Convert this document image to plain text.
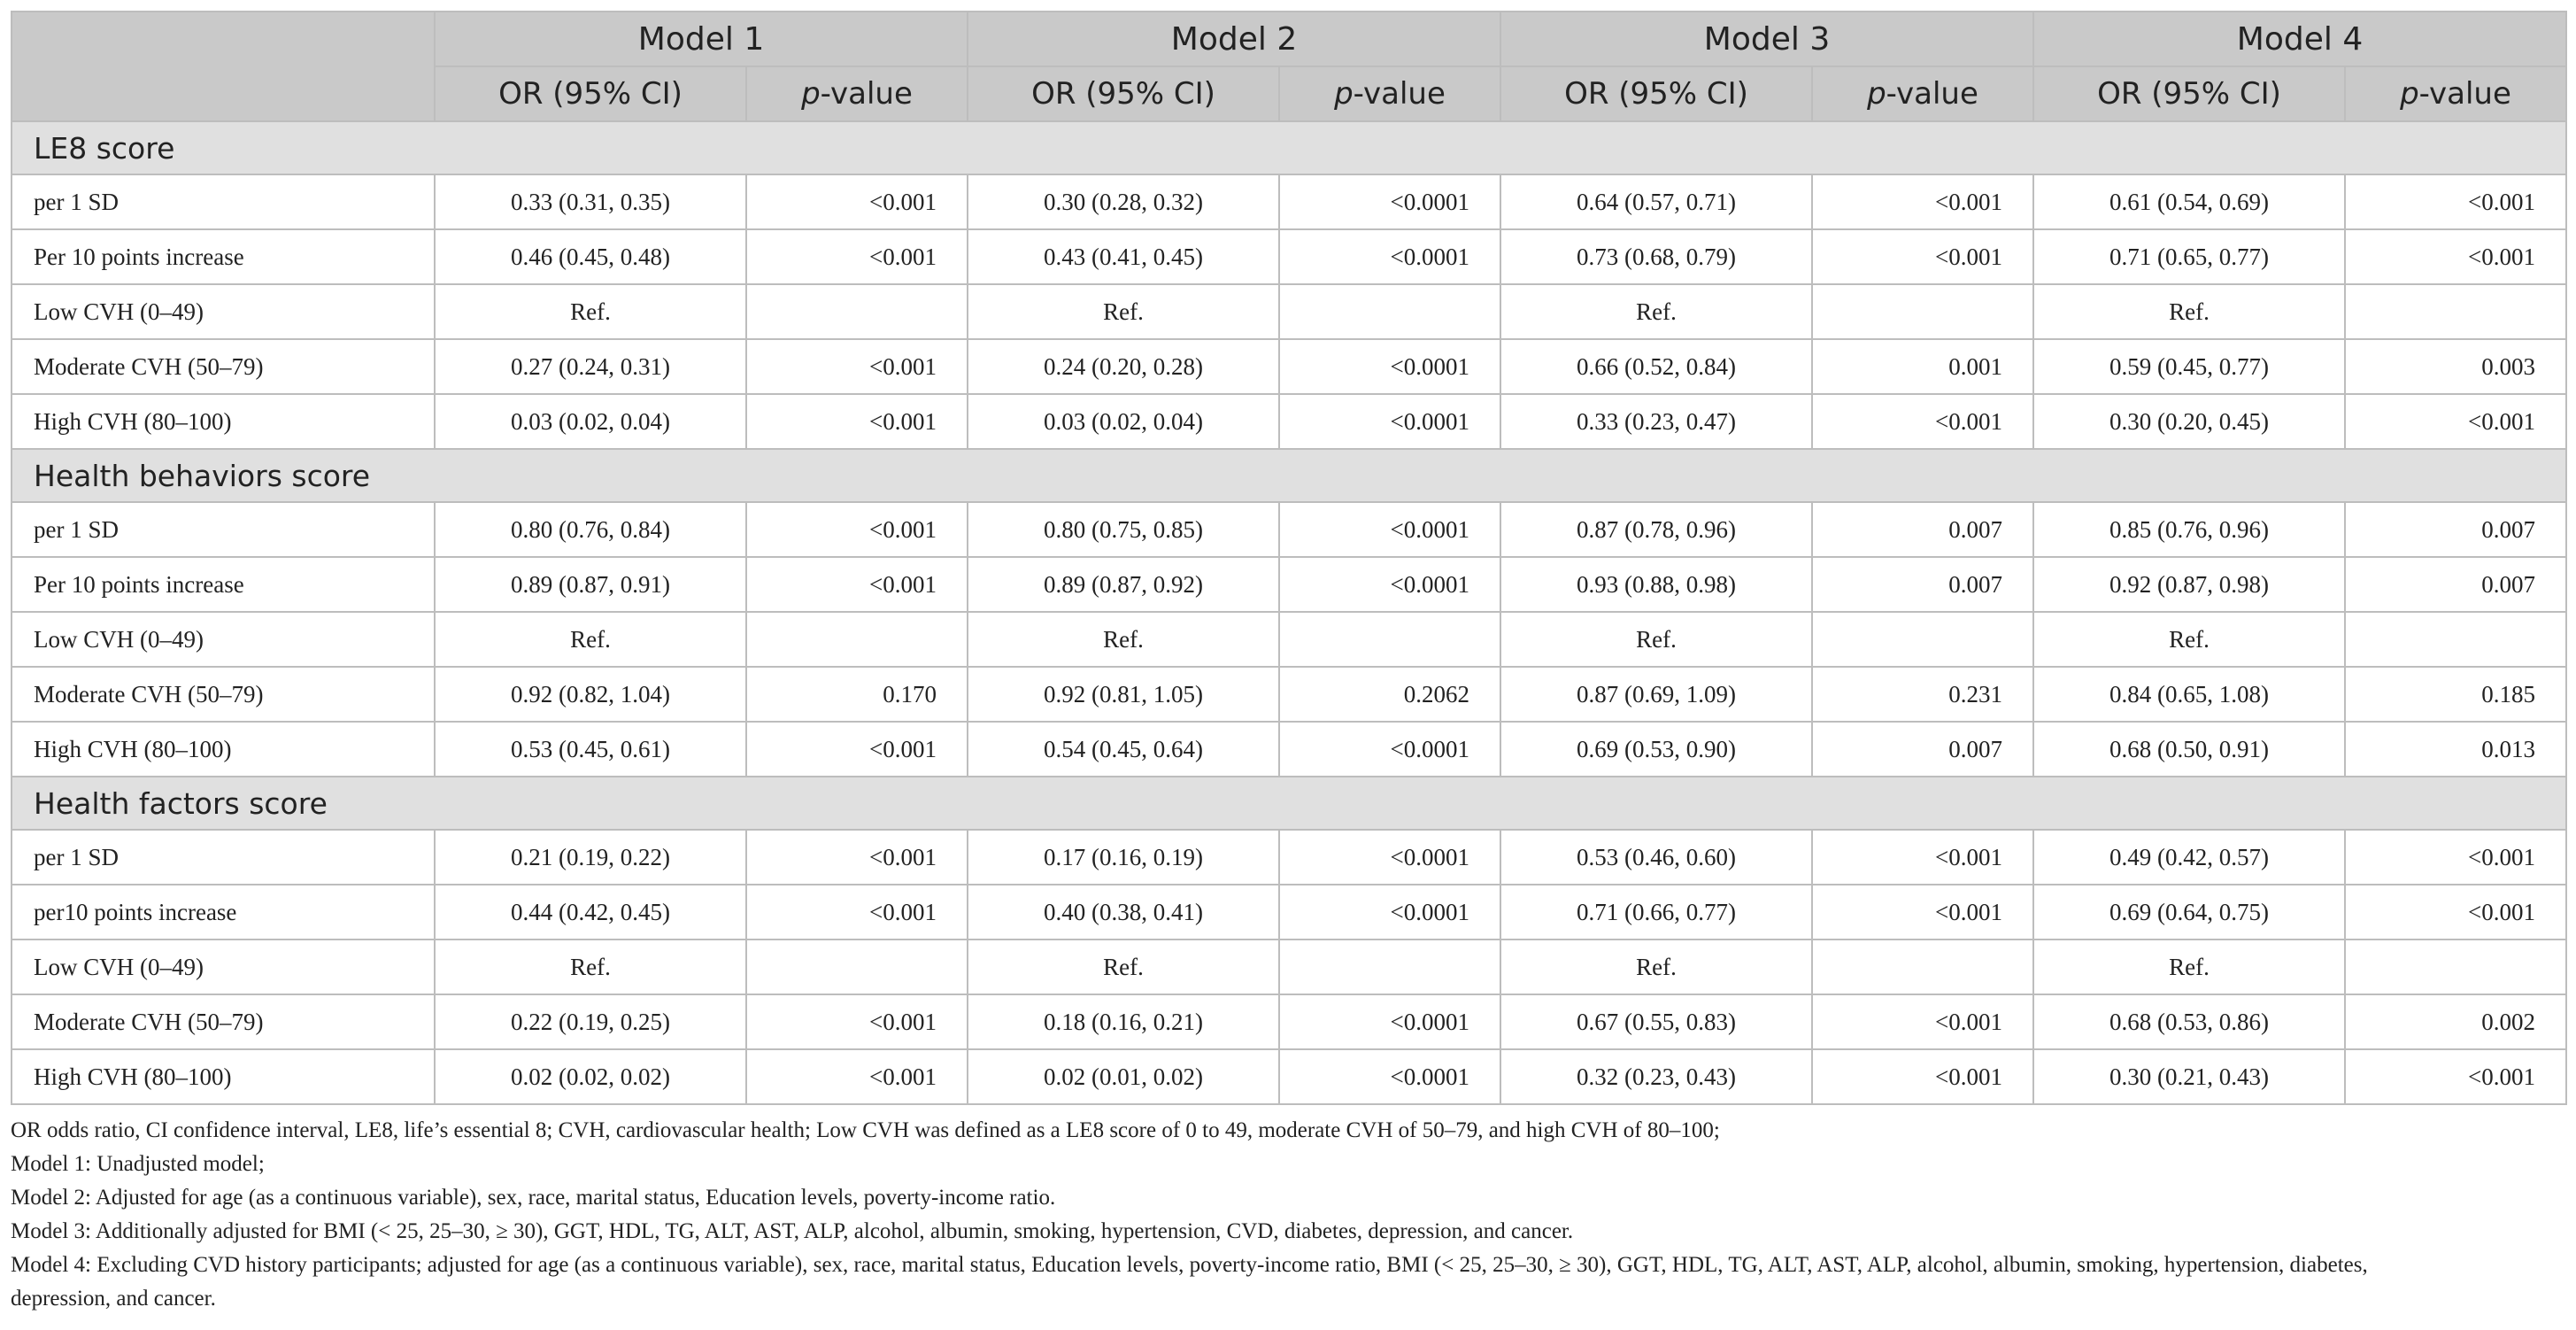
	Model 1		Model 2		Model 3		Model 4	
	OR (95% CI)	p-value	OR (95% CI)	p-value	OR (95% CI)	p-value	OR (95% CI)	p-value
LE8 score								
per 1 SD	0.33 (0.31, 0.35)	<0.001	0.30 (0.28, 0.32)	<0.0001	0.64 (0.57, 0.71)	<0.001	0.61 (0.54, 0.69)	<0.001
Per 10 points increase	0.46 (0.45, 0.48)	<0.001	0.43 (0.41, 0.45)	<0.0001	0.73 (0.68, 0.79)	<0.001	0.71 (0.65, 0.77)	<0.001
Low CVH (0–49)	Ref.		Ref.		Ref.		Ref.	
Moderate CVH (50–79)	0.27 (0.24, 0.31)	<0.001	0.24 (0.20, 0.28)	<0.0001	0.66 (0.52, 0.84)	0.001	0.59 (0.45, 0.77)	0.003
High CVH (80–100)	0.03 (0.02, 0.04)	<0.001	0.03 (0.02, 0.04)	<0.0001	0.33 (0.23, 0.47)	<0.001	0.30 (0.20, 0.45)	<0.001
Health behaviors score								
per 1 SD	0.80 (0.76, 0.84)	<0.001	0.80 (0.75, 0.85)	<0.0001	0.87 (0.78, 0.96)	0.007	0.85 (0.76, 0.96)	0.007
Per 10 points increase	0.89 (0.87, 0.91)	<0.001	0.89 (0.87, 0.92)	<0.0001	0.93 (0.88, 0.98)	0.007	0.92 (0.87, 0.98)	0.007
Low CVH (0–49)	Ref.		Ref.		Ref.		Ref.	
Moderate CVH (50–79)	0.92 (0.82, 1.04)	0.170	0.92 (0.81, 1.05)	0.2062	0.87 (0.69, 1.09)	0.231	0.84 (0.65, 1.08)	0.185
High CVH (80–100)	0.53 (0.45, 0.61)	<0.001	0.54 (0.45, 0.64)	<0.0001	0.69 (0.53, 0.90)	0.007	0.68 (0.50, 0.91)	0.013
Health factors score								
per 1 SD	0.21 (0.19, 0.22)	<0.001	0.17 (0.16, 0.19)	<0.0001	0.53 (0.46, 0.60)	<0.001	0.49 (0.42, 0.57)	<0.001
per10 points increase	0.44 (0.42, 0.45)	<0.001	0.40 (0.38, 0.41)	<0.0001	0.71 (0.66, 0.77)	<0.001	0.69 (0.64, 0.75)	<0.001
Low CVH (0–49)	Ref.		Ref.		Ref.		Ref.	
Moderate CVH (50–79)	0.22 (0.19, 0.25)	<0.001	0.18 (0.16, 0.21)	<0.0001	0.67 (0.55, 0.83)	<0.001	0.68 (0.53, 0.86)	0.002
High CVH (80–100)	0.02 (0.02, 0.02)	<0.001	0.02 (0.01, 0.02)	<0.0001	0.32 (0.23, 0.43)	<0.001	0.30 (0.21, 0.43)	<0.001
OR odds ratio, CI confidence interval, LE8, life’s essential 8; CVH, cardiovascular health; Low CVH was defined as a LE8 score of 0 to 49, moderate CVH of 50–79, and high CVH of 80–100;
Model 1: Unadjusted model;
Model 2: Adjusted for age (as a continuous variable), sex, race, marital status, Education levels, poverty-income ratio.
Model 3: Additionally adjusted for BMI (< 25, 25–30, ≥ 30), GGT, HDL, TG, ALT, AST, ALP, alcohol, albumin, smoking, hypertension, CVD, diabetes, depression, and cancer.
Model 4: Excluding CVD history participants; adjusted for age (as a continuous variable), sex, race, marital status, Education levels, poverty-income ratio, BMI (< 25, 25–30, ≥ 30), GGT, HDL, TG, ALT, AST, ALP, alcohol, albumin, smoking, hypertension, diabetes,
depression, and cancer.
